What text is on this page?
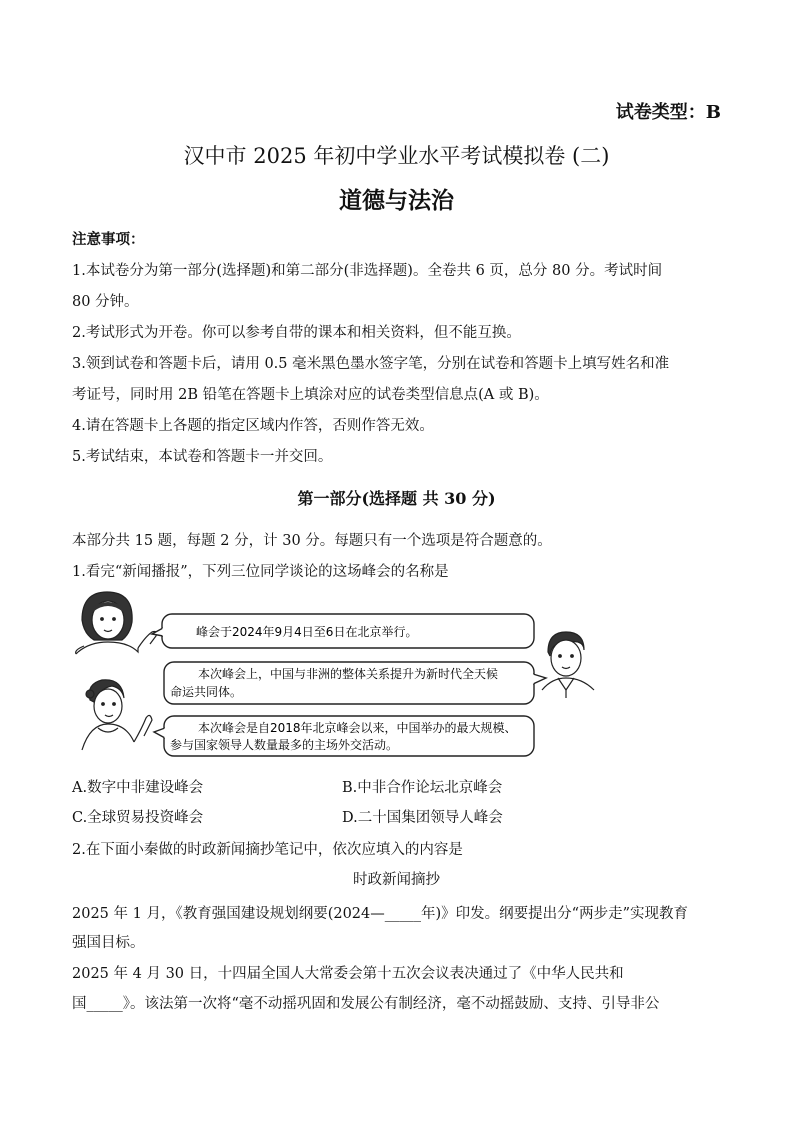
试卷类型：B
汉中市 2025 年初中学业水平考试模拟卷 (二)
道德与法治
注意事项：
1.本试卷分为第一部分(选择题)和第二部分(非选择题)。全卷共 6 页，总分 80 分。考试时间
80 分钟。
2.考试形式为开卷。你可以参考自带的课本和相关资料，但不能互换。
3.领到试卷和答题卡后，请用 0.5 毫米黑色墨水签字笔，分别在试卷和答题卡上填写姓名和准
考证号，同时用 2B 铅笔在答题卡上填涂对应的试卷类型信息点(A 或 B)。
4.请在答题卡上各题的指定区域内作答，否则作答无效。
5.考试结束，本试卷和答题卡一并交回。
第一部分(选择题 共 30 分)
本部分共 15 题，每题 2 分，计 30 分。每题只有一个选项是符合题意的。
1.看完“新闻播报”，下列三位同学谈论的这场峰会的名称是
峰会于2024年9月4日至6日在北京举行。
本次峰会上，中国与非洲的整体关系提升为新时代全天候
命运共同体。
本次峰会是自2018年北京峰会以来，中国举办的最大规模、
参与国家领导人数量最多的主场外交活动。
A.数字中非建设峰会	B.中非合作论坛北京峰会
C.全球贸易投资峰会	D.二十国集团领导人峰会
2.在下面小秦做的时政新闻摘抄笔记中，依次应填入的内容是
时政新闻摘抄
2025 年 1 月，《教育强国建设规划纲要(2024—_____年)》印发。纲要提出分“两步走”实现教育
强国目标。
2025 年 4 月 30 日，十四届全国人大常委会第十五次会议表决通过了《中华人民共和
国_____》。该法第一次将“毫不动摇巩固和发展公有制经济，毫不动摇鼓励、支持、引导非公
